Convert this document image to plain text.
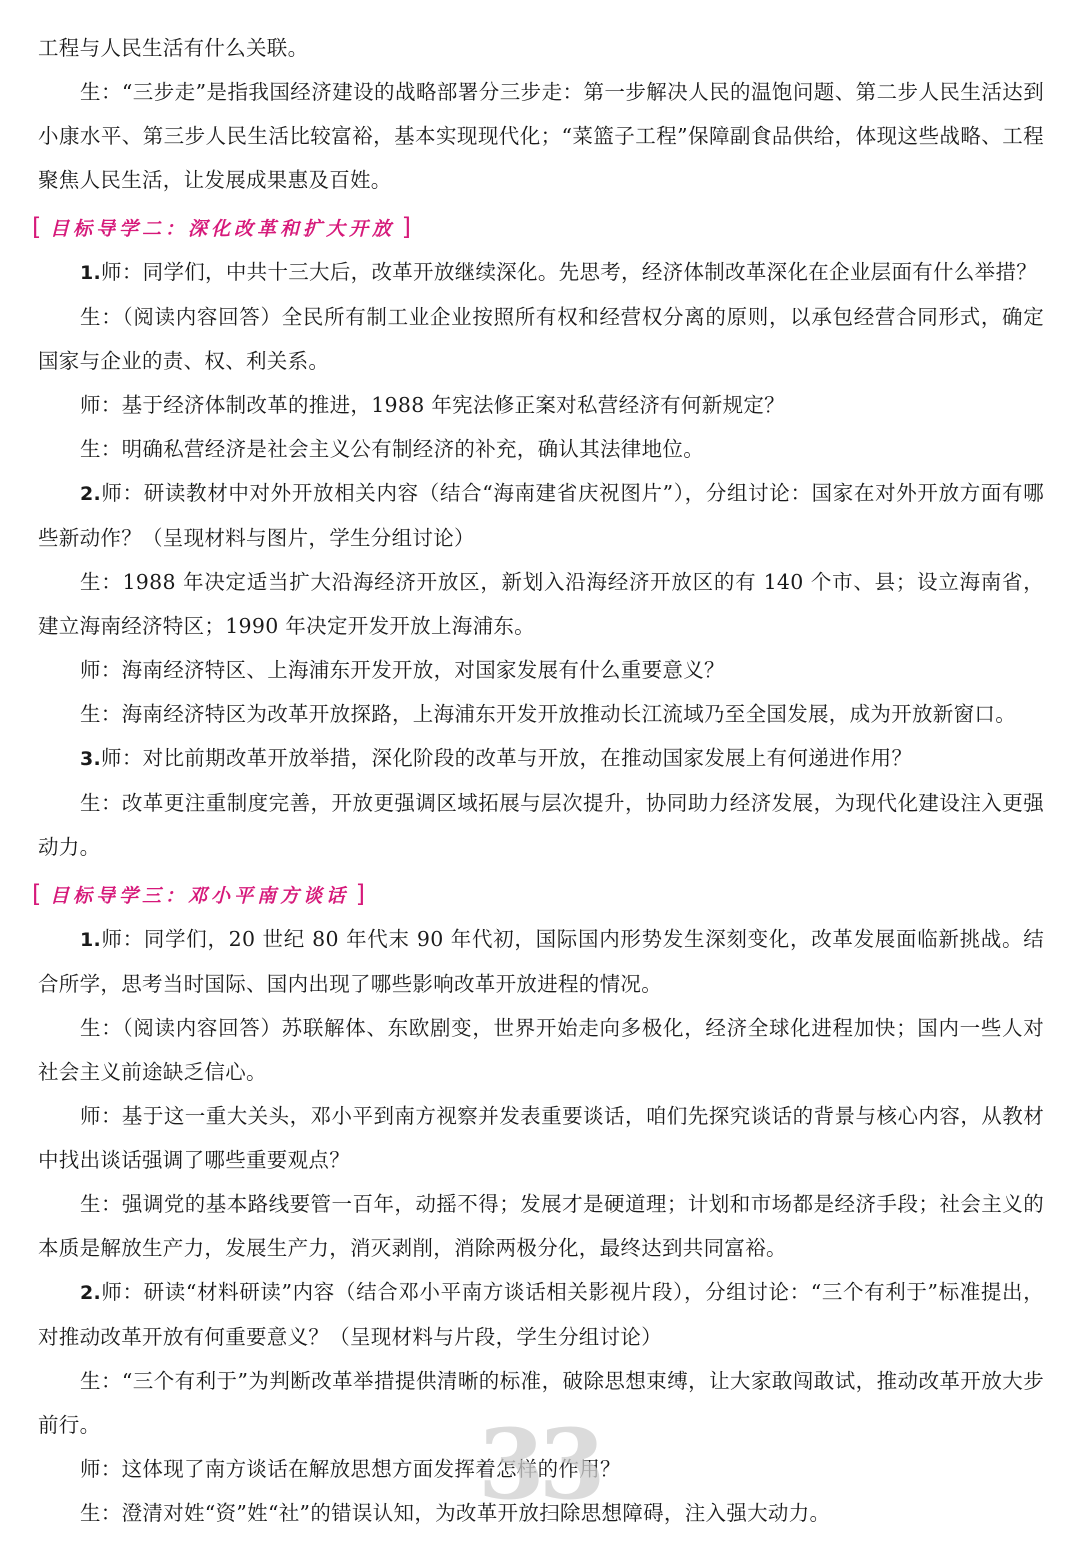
工程与人民生活有什么关联。

生：“三步走”是指我国经济建设的战略部署分三步走：第一步解决人民的温饱问题、第二步人民生活达到小康水平、第三步人民生活比较富裕，基本实现现代化；“菜篮子工程”保障副食品供给，体现这些战略、工程聚焦人民生活，让发展成果惠及百姓。

[ 目标导学二：深化改革和扩大开放 ]

1.师：同学们，中共十三大后，改革开放继续深化。先思考，经济体制改革深化在企业层面有什么举措？

生：（阅读内容回答）全民所有制工业企业按照所有权和经营权分离的原则，以承包经营合同形式，确定国家与企业的责、权、利关系。

师：基于经济体制改革的推进，1988 年宪法修正案对私营经济有何新规定？

生：明确私营经济是社会主义公有制经济的补充，确认其法律地位。

2.师：研读教材中对外开放相关内容（结合“海南建省庆祝图片”），分组讨论：国家在对外开放方面有哪些新动作？（呈现材料与图片，学生分组讨论）

生：1988 年决定适当扩大沿海经济开放区，新划入沿海经济开放区的有 140 个市、县；设立海南省，建立海南经济特区；1990 年决定开发开放上海浦东。

师：海南经济特区、上海浦东开发开放，对国家发展有什么重要意义？

生：海南经济特区为改革开放探路，上海浦东开发开放推动长江流域乃至全国发展，成为开放新窗口。

3.师：对比前期改革开放举措，深化阶段的改革与开放，在推动国家发展上有何递进作用？

生：改革更注重制度完善，开放更强调区域拓展与层次提升，协同助力经济发展，为现代化建设注入更强动力。

[ 目标导学三：邓小平南方谈话 ]

1.师：同学们，20 世纪 80 年代末 90 年代初，国际国内形势发生深刻变化，改革发展面临新挑战。结合所学，思考当时国际、国内出现了哪些影响改革开放进程的情况。

生：（阅读内容回答）苏联解体、东欧剧变，世界开始走向多极化，经济全球化进程加快；国内一些人对社会主义前途缺乏信心。

师：基于这一重大关头，邓小平到南方视察并发表重要谈话，咱们先探究谈话的背景与核心内容，从教材中找出谈话强调了哪些重要观点？

生：强调党的基本路线要管一百年，动摇不得；发展才是硬道理；计划和市场都是经济手段；社会主义的本质是解放生产力，发展生产力，消灭剥削，消除两极分化，最终达到共同富裕。

2.师：研读“材料研读”内容（结合邓小平南方谈话相关影视片段），分组讨论：“三个有利于”标准提出，对推动改革开放有何重要意义？（呈现材料与片段，学生分组讨论）

生：“三个有利于”为判断改革举措提供清晰的标准，破除思想束缚，让大家敢闯敢试，推动改革开放大步前行。

师：这体现了南方谈话在解放思想方面发挥着怎样的作用？

生：澄清对姓“资”姓“社”的错误认知，为改革开放扫除思想障碍，注入强大动力。

33
